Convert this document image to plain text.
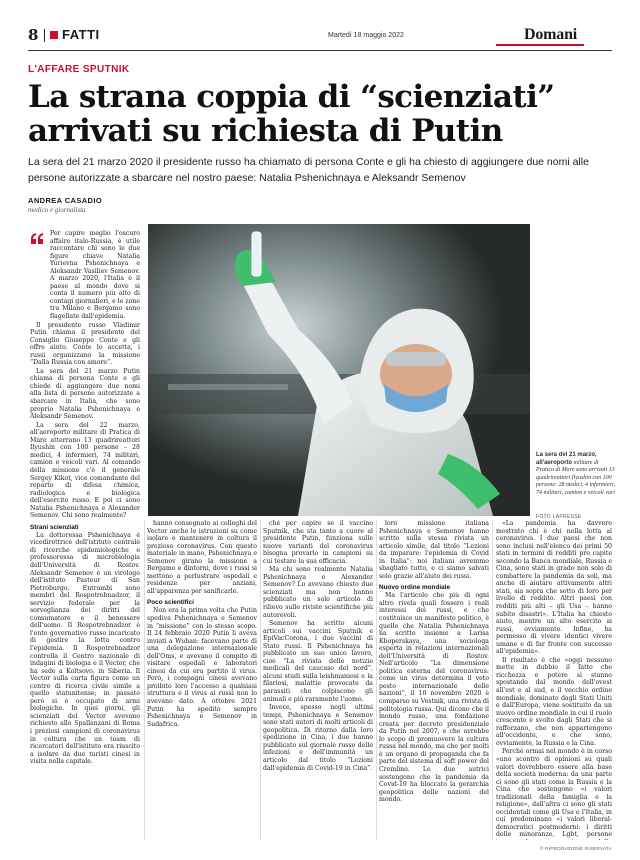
8 FATTI	Martedì 18 maggio 2022	Domani
L'AFFARE SPUTNIK
La strana coppia di “scienziati” arrivati su richiesta di Putin
La sera del 21 marzo 2020 il presidente russo ha chiamato di persona Conte e gli ha chiesto di aggiungere due nomi alle persone autorizzate a sbarcare nel nostro paese: Natalia Pshenichnaya e Aleksandr Semenov
ANDREA CASADIO
medico e giornalista
La sera del 21 marzo, all'aeroporto militare di Pratica di Mare sono arrivati 13 quadrireattori Ilyushin con 100 persone: 28 medici, 4 infermieri, 74 militari, camion e veicoli vari
FOTO LAPRESSE

Per capire meglio l'oscuro affaire italo-Russia, è utile raccontare chi sono le due figure chiave Natalia Yurievna Pshenichnaya e Aleksandr Vasiliev Semenov. A marzo 2020, l'Italia è il paese al mondo dove si conta il numero più alto di contagi giornalieri, e le zone tra Milano e Bergamo sono flagellate dall'epidemia.

Il presidente russo Vladimir Putin chiama il presidente del Consiglio Giuseppe Conte e gli offre aiuto. Conte lo accetta, i russi organizzano la missione “Dalla Russia con amore”.

La sera del 21 marzo Putin chiama di persona Conte e gli chiede di aggiungere due nomi alla lista di persone autorizzate a sbarcare in Italia, che sono proprio Natalia Pshenichnaya e Aleksandr Semenov.

La sera del 22 marzo, all'aeroporto militare di Pratica di Mare atterrano 13 quadrireattori Ilyushin con 100 persone – 28 medici, 4 infermieri, 74 militari, camion e veicoli vari. Al comando della missione c'è il generale Sergey Kikot, vice comandante del reparto di difesa chimica, radiologica e biologica dell'esercito russo. E poi ci sono Natalia Pshenichnaya e Alexander Semenov. Chi sono realmente?

Strani scienziati

La dottoressa Pshenichnaya è vicedirettrice dell'istituto centrale di ricerche epidemiologiche e professoressa di microbiologia dell'Università di Rostov. Aleksandr Semenov è un virologo dell'istituto Pasteur di San Pietroburgo. Entrambi sono membri del Rospotrebnadzor, il servizio federale per la sorveglianza dei diritti del consumatore e il benessere dell'uomo. Il Rospotrebnadzor è l'ente governativo russo incaricato di gestire la lotta contro l'epidemia. Il Rospotrebnadzor controlla il Centro nazionale di indagini di biologia e il Vector, che ha sede a Koltsovo, in Siberia. Il Vector sulla carta figura come un centro di ricerca civile simile a quello statunitense; in passato però si è occupato di armi biologiche. In quei giorni, gli scienziati del Vector avevano richiesto allo Spallanzani di Roma i preziosi campioni di coronavirus in coltura che un team di ricercatori dell'istituto era riuscito a isolare da due turisti cinesi in visita nella capitale.

hanno consegnato ai colleghi del Vector anche le istruzioni su come isolare e mantenere in coltura il prezioso coronavirus. Con questo materiale in mano, Pshenichnaya e Semenov girano la missione a Bergamo e dintorni, dove i russi si mettono a perlustrare ospedali e residenze per anziani, all'apparenza per sanificarle.

Poco scientifici

Non era la prima volta che Putin spediva Pshenichnaya e Semenov in “missione” con lo stesso scopo. Il 24 febbraio 2020 Putin li aveva inviati a Wuhan: facevano parte di una delegazione internazionale dell'Oms, e avevano il compito di visitare ospedali e laboratori cinesi da cui era partito il virus. Però, i compagni cinesi avevano proibito loro l'accesso a qualsiasi struttura e il virus ai russi non lo avevano dato. A ottobre 2021 Putin ha spedito sempre Pshenichnaya e Semenov in Sudafrica.

ché per capire se il vaccino Sputnik, che sta tanto a cuore al presidente Putin, funziona sulle nuove varianti del coronavirus bisogna provarlo in campioni su cui testare la sua efficacia.

Ma chi sono realmente Natalia Pshenichnaya e Alexander Semenov? Lo avevano chiesto due scienziati ma non hanno pubblicato un solo articolo di rilievo sulle riviste scientifiche più autorevoli.

Semenov ha scritto alcuni articoli sui vaccini Sputnik e EpiVacCorona, i due vaccini di Stato russi. Il Pshenichnaya ha pubblicato un suo unico lavoro, cioè “La rivista delle notizie medicali del caucaso del nord”, alcuni studi sulla leishmaniosi e la filariosi, malattie provocate da parassiti che colpiscono gli animali e più raramente l'uomo.

Invece, spesso negli ultimi tempi, Pshenichnaya e Semenov sono stati autori di molti articoli di geopolitica. Di ritorno dalla loro spedizione in Cina, i due hanno pubblicato sul giornale russo delle infezioni e dell'immunità un articolo dal titolo “Lezioni dall'epidemia di Covid-19 in Cina”.

loro missione italiana Pshenichnaya e Semenov hanno scritto sulla stessa rivista un articolo simile, dal titolo “Lezioni da imparare: l'epidemia di Covid in Italia”: noi italiani avremmo sbagliato tutto, e ci siamo salvati solo grazie all'aiuto dei russi.

Nuovo ordine mondiale

Ma l'articolo che più di ogni altro rivela quali fossero i reali interessi dei russi, e che costituisce un manifesto politico, è quello che Natalia Pshenichnaya ha scritto insieme a Larisa Khoperskaya, una sociologa esperta in relazioni internazionali dell'Università di Rostov. Nell'articolo “La dimensione politica esterna del coronavirus: come un virus determina il veto pesto internazionale delle nazioni”, il 10 novembre 2020 è comparso su Vestnik, una rivista di politologia russa. Qui dicono che il mondo russo, una fondazione creata per decreto presidenziale da Putin nel 2007, e che avrebbe lo scopo di promuovere la cultura russa nel mondo, ma che per molti è un organo di propaganda che fa parte del sistema di soft power del Cremlino. Le due autrici sostengono che la pandemia da Covid-19 ha bloccato la gerarchia geopolitica delle nazioni del mondo.

«La pandemia ha davvero mostrato chi è chi nella lotta al coronavirus. I due paesi che non sono inclusi nell'elenco dei primi 50 stati in termini di redditi pro capite secondo la Banca mondiale, Russia e Cina, sono stati in grado non solo di combattere la pandemia da soli, ma anche di aiutare attivamente altri stati, sia sopra che sotto di loro per livello di reddito. Altri paesi con redditi più alti – gli Usa – hanno subito disastri». L'Italia ha chiesto aiuto, mentre un alto esercito ai russi, ovviamente. Infine, ha permesso di vivere identici vivere umane e di far fronte con successo all'epidemia».

Il risultato è che «oggi nessuno mette in dubbio il fatto che ricchezza e potere si stanno spostando dal mondo dell'ovest all'est e al sud, e il vecchio ordine mondiale, dominato dagli Stati Uniti e dall'Europa, viene sostituito da un nuovo ordine mondiale in cui il ruolo crescente è svolto dagli Stati che si rafforzano, che non appartengono all'occidente, e che sono, ovviamente, la Russia e la Cina.

Perché ormai nel mondo è in corso «uno scontro di opinioni su quali valori dovrebbero essere alla base della società moderna: da una parte ci sono gli stati come la Russia e la Cina che sostengono «i valori tradizionali della famiglia e la religione», dall'altra ci sono gli stati occidentali come gli Usa e l'Italia, in cui predominano «i valori liberal-democratici postmoderni: i diritti delle minoranze, Lgbt, persone

© RIPRODUZIONE RISERVATA
